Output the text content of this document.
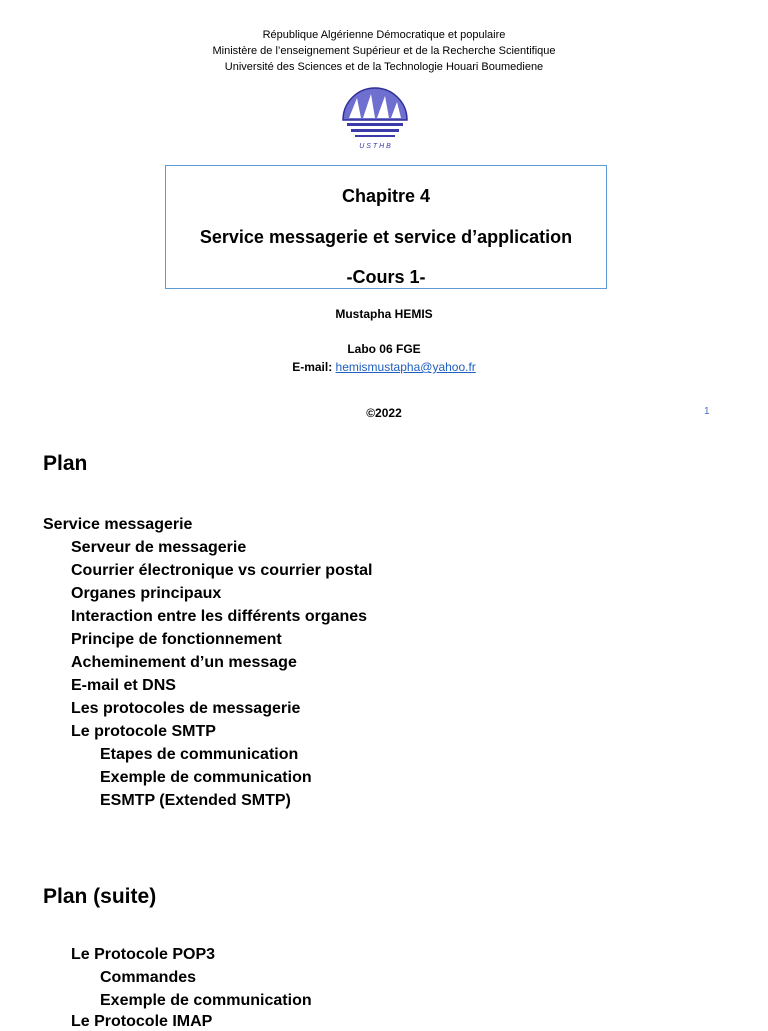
République Algérienne Démocratique et populaire
Ministère de l’enseignement Supérieur et de la Recherche Scientifique
Université des Sciences et de la Technologie Houari Boumediene
U S T H B
Chapitre 4
Service messagerie et service d’application
-Cours 1-
Mustapha HEMIS
Labo 06 FGE
E-mail: hemismustapha@yahoo.fr
©2022	1
Plan
Service messagerie
Serveur de messagerie
Courrier électronique vs courrier postal
Organes principaux
Interaction entre les différents organes
Principe de fonctionnement
Acheminement d’un message
E-mail et DNS
Les protocoles de messagerie
Le protocole SMTP
Etapes de communication
Exemple de communication
ESMTP (Extended SMTP)
Plan (suite)
Le Protocole POP3
Commandes
Exemple de communication
Le Protocole IMAP
